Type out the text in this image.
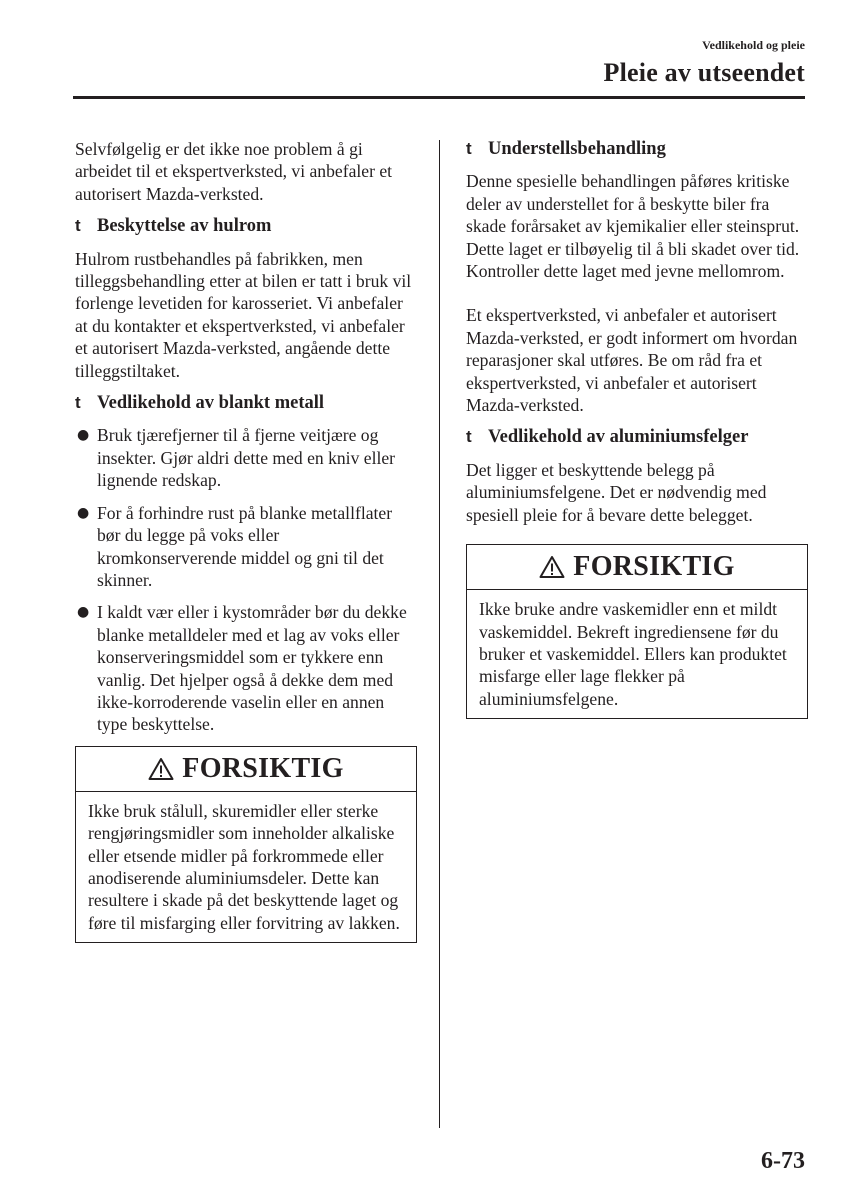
Vedlikehold og pleie
Pleie av utseendet

Selvfølgelig er det ikke noe problem å gi arbeidet til et ekspertverksted, vi anbefaler et autorisert Mazda-verksted.

t Beskyttelse av hulrom

Hulrom rustbehandles på fabrikken, men tilleggsbehandling etter at bilen er tatt i bruk vil forlenge levetiden for karosseriet. Vi anbefaler at du kontakter et ekspertverksted, vi anbefaler et autorisert Mazda-verksted, angående dette tilleggstiltaket.

t Vedlikehold av blankt metall
● Bruk tjærefjerner til å fjerne veitjære og insekter. Gjør aldri dette med en kniv eller lignende redskap.
● For å forhindre rust på blanke metallflater bør du legge på voks eller kromkonserverende middel og gni til det skinner.
● I kaldt vær eller i kystområder bør du dekke blanke metalldeler med et lag av voks eller konserveringsmiddel som er tykkere enn vanlig. Det hjelper også å dekke dem med ikke-korroderende vaselin eller en annen type beskyttelse.
FORSIKTIG
Ikke bruk stålull, skuremidler eller sterke rengjøringsmidler som inneholder alkaliske eller etsende midler på forkrommede eller anodiserende aluminiumsdeler. Dette kan resultere i skade på det beskyttende laget og føre til misfarging eller forvitring av lakken.
t Understellsbehandling

Denne spesielle behandlingen påføres kritiske deler av understellet for å beskytte biler fra skade forårsaket av kjemikalier eller steinsprut. Dette laget er tilbøyelig til å bli skadet over tid. Kontroller dette laget med jevne mellomrom.

Et ekspertverksted, vi anbefaler et autorisert Mazda-verksted, er godt informert om hvordan reparasjoner skal utføres. Be om råd fra et ekspertverksted, vi anbefaler et autorisert Mazda-verksted.

t Vedlikehold av aluminiumsfelger

Det ligger et beskyttende belegg på aluminiumsfelgene. Det er nødvendig med spesiell pleie for å bevare dette belegget.

FORSIKTIG
Ikke bruke andre vaskemidler enn et mildt vaskemiddel. Bekreft ingrediensene før du bruker et vaskemiddel. Ellers kan produktet misfarge eller lage flekker på aluminiumsfelgene.
6-73
